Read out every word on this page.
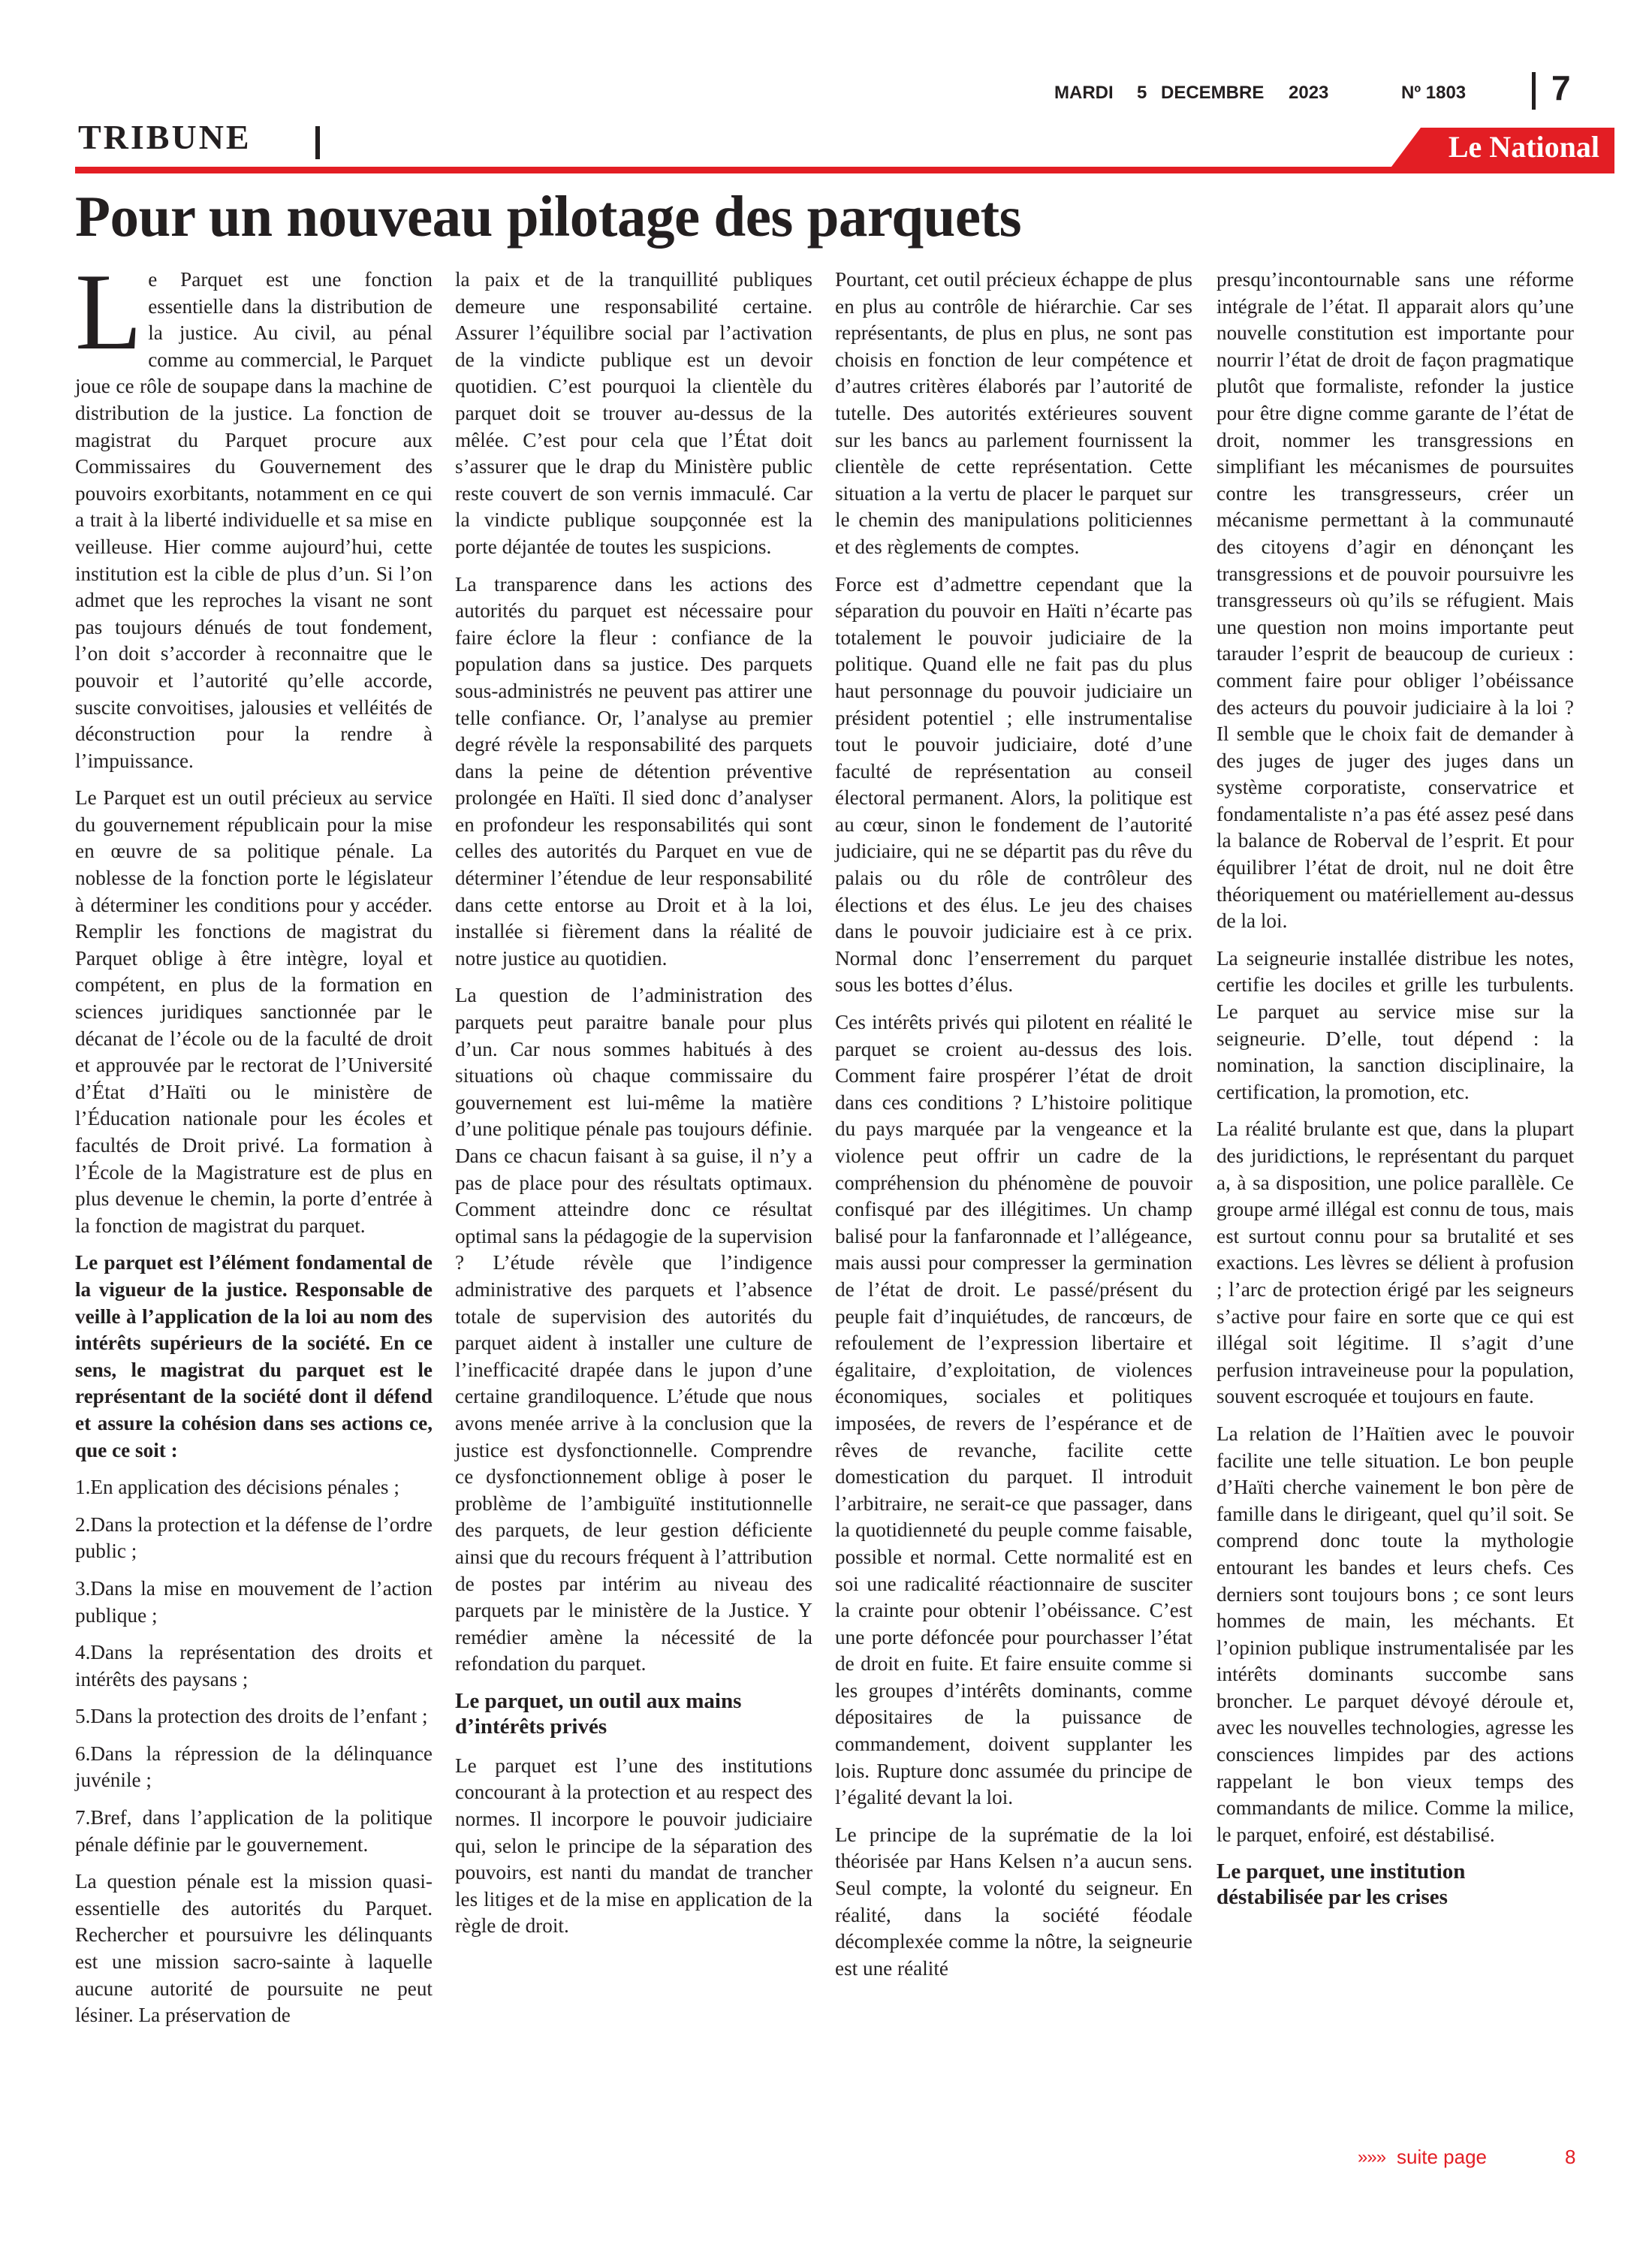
MARDI 5 DECEMBRE 2023	Nº 1803 7
TRIBUNE	Le National
Pour un nouveau pilotage des parquets

Le Parquet est une fonction essentielle dans la distribution de la justice. Au civil, au pénal comme au commercial, le Parquet joue ce rôle de soupape dans la machine de distribution de la justice. La fonction de magistrat du Parquet procure aux Commissaires du Gouvernement des pouvoirs exorbitants, notamment en ce qui a trait à la liberté individuelle et sa mise en veilleuse. Hier comme aujourd’hui, cette institution est la cible de plus d’un. Si l’on admet que les reproches la visant ne sont pas toujours dénués de tout fondement, l’on doit s’accorder à reconnaitre que le pouvoir et l’autorité qu’elle accorde, suscite convoitises, jalousies et velléités de déconstruction pour la rendre à l’impuissance.

Le Parquet est un outil précieux au service du gouvernement républicain pour la mise en œuvre de sa politique pénale. La noblesse de la fonction porte le législateur à déterminer les conditions pour y accéder. Remplir les fonctions de magistrat du Parquet oblige à être intègre, loyal et compétent, en plus de la formation en sciences juridiques sanctionnée par le décanat de l’école ou de la faculté de droit et approuvée par le rectorat de l’Université d’État d’Haïti ou le ministère de l’Éducation nationale pour les écoles et facultés de Droit privé. La formation à l’École de la Magistrature est de plus en plus devenue le chemin, la porte d’entrée à la fonction de magistrat du parquet.

Le parquet est l’élément fondamental de la vigueur de la justice. Responsable de veille à l’application de la loi au nom des intérêts supérieurs de la société. En ce sens, le magistrat du parquet est le représentant de la société dont il défend et assure la cohésion dans ses actions ce, que ce soit :

1.En application des décisions pénales ;

2.Dans la protection et la défense de l’ordre public ;

3.Dans la mise en mouvement de l’action publique ;

4.Dans la représentation des droits et intérêts des paysans ;

5.Dans la protection des droits de l’enfant ;

6.Dans la répression de la délinquance juvénile ;

7.Bref, dans l’application de la politique pénale définie par le gouvernement.

La question pénale est la mission quasi-essentielle des autorités du Parquet. Rechercher et poursuivre les délinquants est une mission sacro-sainte à laquelle aucune autorité de poursuite ne peut lésiner. La préservation de

la paix et de la tranquillité publiques demeure une responsabilité certaine. Assurer l’équilibre social par l’activation de la vindicte publique est un devoir quotidien. C’est pourquoi la clientèle du parquet doit se trouver au-dessus de la mêlée. C’est pour cela que l’État doit s’assurer que le drap du Ministère public reste couvert de son vernis immaculé. Car la vindicte publique soupçonnée est la porte déjantée de toutes les suspicions.

La transparence dans les actions des autorités du parquet est nécessaire pour faire éclore la fleur : confiance de la population dans sa justice. Des parquets sous-administrés ne peuvent pas attirer une telle confiance. Or, l’analyse au premier degré révèle la responsabilité des parquets dans la peine de détention préventive prolongée en Haïti. Il sied donc d’analyser en profondeur les responsabilités qui sont celles des autorités du Parquet en vue de déterminer l’étendue de leur responsabilité dans cette entorse au Droit et à la loi, installée si fièrement dans la réalité de notre justice au quotidien.

La question de l’administration des parquets peut paraitre banale pour plus d’un. Car nous sommes habitués à des situations où chaque commissaire du gouvernement est lui-même la matière d’une politique pénale pas toujours définie. Dans ce chacun faisant à sa guise, il n’y a pas de place pour des résultats optimaux. Comment atteindre donc ce résultat optimal sans la pédagogie de la supervision ? L’étude révèle que l’indigence administrative des parquets et l’absence totale de supervision des autorités du parquet aident à installer une culture de l’inefficacité drapée dans le jupon d’une certaine grandiloquence. L’étude que nous avons menée arrive à la conclusion que la justice est dysfonctionnelle. Comprendre ce dysfonctionnement oblige à poser le problème de l’ambiguïté institutionnelle des parquets, de leur gestion déficiente ainsi que du recours fréquent à l’attribution de postes par intérim au niveau des parquets par le ministère de la Justice. Y remédier amène la nécessité de la refondation du parquet.

Le parquet, un outil aux mains d’intérêts privés

Le parquet est l’une des institutions concourant à la protection et au respect des normes. Il incorpore le pouvoir judiciaire qui, selon le principe de la séparation des pouvoirs, est nanti du mandat de trancher les litiges et de la mise en application de la règle de droit.

Pourtant, cet outil précieux échappe de plus en plus au contrôle de hiérarchie. Car ses représentants, de plus en plus, ne sont pas choisis en fonction de leur compétence et d’autres critères élaborés par l’autorité de tutelle. Des autorités extérieures souvent sur les bancs au parlement fournissent la clientèle de cette représentation. Cette situation a la vertu de placer le parquet sur le chemin des manipulations politiciennes et des règlements de comptes.

Force est d’admettre cependant que la séparation du pouvoir en Haïti n’écarte pas totalement le pouvoir judiciaire de la politique. Quand elle ne fait pas du plus haut personnage du pouvoir judiciaire un président potentiel ; elle instrumentalise tout le pouvoir judiciaire, doté d’une faculté de représentation au conseil électoral permanent. Alors, la politique est au cœur, sinon le fondement de l’autorité judiciaire, qui ne se départit pas du rêve du palais ou du rôle de contrôleur des élections et des élus. Le jeu des chaises dans le pouvoir judiciaire est à ce prix. Normal donc l’enserrement du parquet sous les bottes d’élus.

Ces intérêts privés qui pilotent en réalité le parquet se croient au-dessus des lois. Comment faire prospérer l’état de droit dans ces conditions ? L’histoire politique du pays marquée par la vengeance et la violence peut offrir un cadre de la compréhension du phénomène de pouvoir confisqué par des illégitimes. Un champ balisé pour la fanfaronnade et l’allégeance, mais aussi pour compresser la germination de l’état de droit. Le passé/présent du peuple fait d’inquiétudes, de rancœurs, de refoulement de l’expression libertaire et égalitaire, d’exploitation, de violences économiques, sociales et politiques imposées, de revers de l’espérance et de rêves de revanche, facilite cette domestication du parquet. Il introduit l’arbitraire, ne serait-ce que passager, dans la quotidienneté du peuple comme faisable, possible et normal. Cette normalité est en soi une radicalité réactionnaire de susciter la crainte pour obtenir l’obéissance. C’est une porte défoncée pour pourchasser l’état de droit en fuite. Et faire ensuite comme si les groupes d’intérêts dominants, comme dépositaires de la puissance de commandement, doivent supplanter les lois. Rupture donc assumée du principe de l’égalité devant la loi.

Le principe de la suprématie de la loi théorisée par Hans Kelsen n’a aucun sens. Seul compte, la volonté du seigneur. En réalité, dans la société féodale décomplexée comme la nôtre, la seigneurie est une réalité

presqu’incontournable sans une réforme intégrale de l’état. Il apparait alors qu’une nouvelle constitution est importante pour nourrir l’état de droit de façon pragmatique plutôt que formaliste, refonder la justice pour être digne comme garante de l’état de droit, nommer les transgressions en simplifiant les mécanismes de poursuites contre les transgresseurs, créer un mécanisme permettant à la communauté des citoyens d’agir en dénonçant les transgressions et de pouvoir poursuivre les transgresseurs où qu’ils se réfugient. Mais une question non moins importante peut tarauder l’esprit de beaucoup de curieux : comment faire pour obliger l’obéissance des acteurs du pouvoir judiciaire à la loi ? Il semble que le choix fait de demander à des juges de juger des juges dans un système corporatiste, conservatrice et fondamentaliste n’a pas été assez pesé dans la balance de Roberval de l’esprit. Et pour équilibrer l’état de droit, nul ne doit être théoriquement ou matériellement au-dessus de la loi.

La seigneurie installée distribue les notes, certifie les dociles et grille les turbulents. Le parquet au service mise sur la seigneurie. D’elle, tout dépend : la nomination, la sanction disciplinaire, la certification, la promotion, etc.

La réalité brulante est que, dans la plupart des juridictions, le représentant du parquet a, à sa disposition, une police parallèle. Ce groupe armé illégal est connu de tous, mais est surtout connu pour sa brutalité et ses exactions. Les lèvres se délient à profusion ; l’arc de protection érigé par les seigneurs s’active pour faire en sorte que ce qui est illégal soit légitime. Il s’agit d’une perfusion intraveineuse pour la population, souvent escroquée et toujours en faute.

La relation de l’Haïtien avec le pouvoir facilite une telle situation. Le bon peuple d’Haïti cherche vainement le bon père de famille dans le dirigeant, quel qu’il soit. Se comprend donc toute la mythologie entourant les bandes et leurs chefs. Ces derniers sont toujours bons ; ce sont leurs hommes de main, les méchants. Et l’opinion publique instrumentalisée par les intérêts dominants succombe sans broncher. Le parquet dévoyé déroule et, avec les nouvelles technologies, agresse les consciences limpides par des actions rappelant le bon vieux temps des commandants de milice. Comme la milice, le parquet, enfoiré, est déstabilisé.

Le parquet, une institution déstabilisée par les crises
»»» suite page	8
